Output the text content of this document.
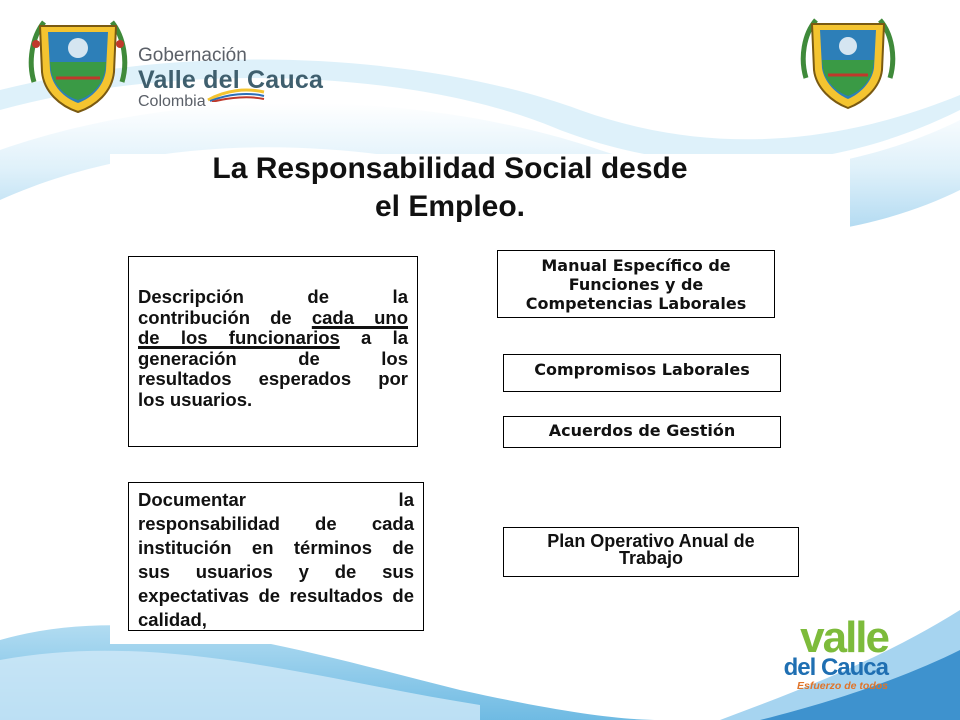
Gobernación
Valle del Cauca
Colombia
La Responsabilidad Social desde
el Empleo.
Descripción de la
contribución de cada uno
de los funcionarios a la
generación de los
resultados esperados por
los usuarios.
Documentar la
responsabilidad de cada
institución en términos de
sus usuarios y de sus
expectativas de resultados de
calidad,
Manual Específico de
Funciones y de
Competencias Laborales
Compromisos Laborales
Acuerdos de Gestión
Plan Operativo Anual de
Trabajo
valle
del Cauca
Esfuerzo de todos
